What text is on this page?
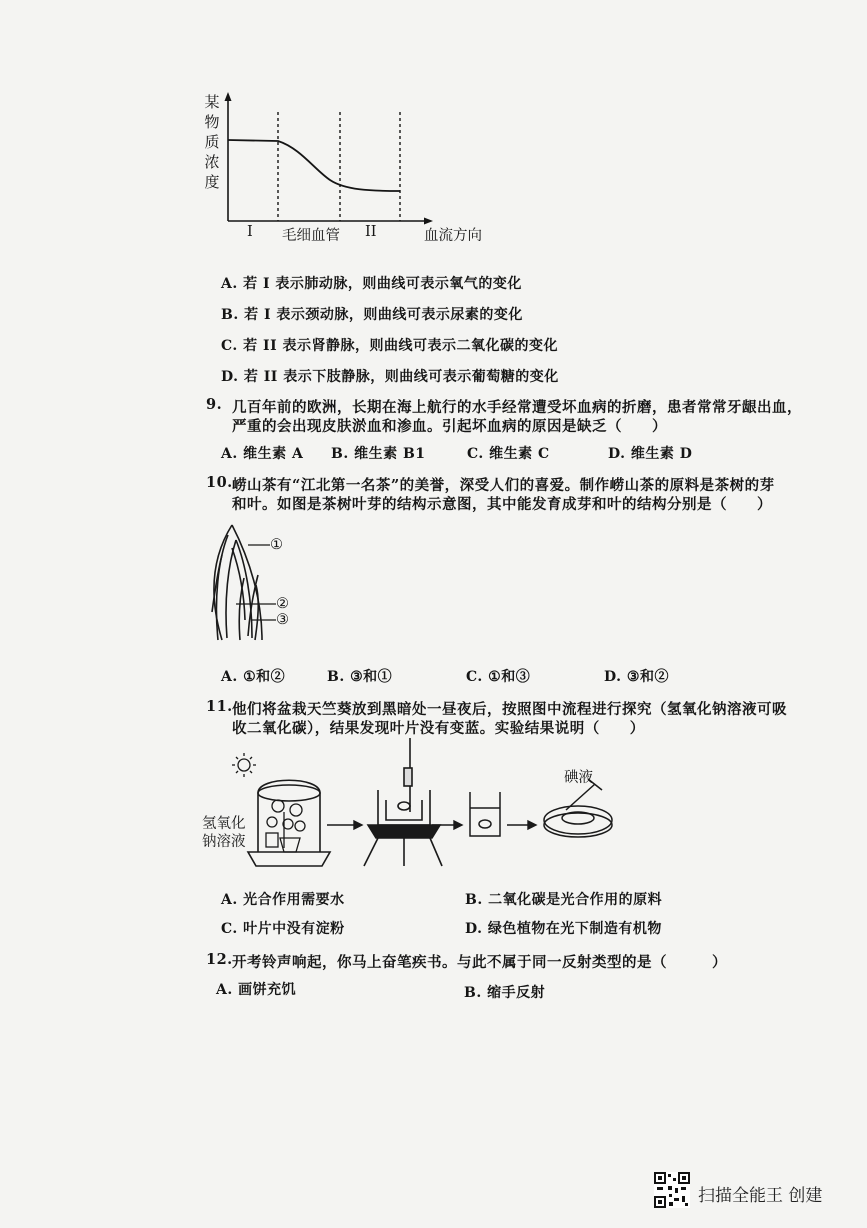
某物质浓度
I 毛细血管 II	血流方向
A. 若 I 表示肺动脉，则曲线可表示氧气的变化
B. 若 I 表示颈动脉，则曲线可表示尿素的变化
C. 若 II 表示肾静脉，则曲线可表示二氧化碳的变化
D. 若 II 表示下肢静脉，则曲线可表示葡萄糖的变化
9. 几百年前的欧洲，长期在海上航行的水手经常遭受坏血病的折磨，患者常常牙龈出血，
严重的会出现皮肤淤血和渗血。引起坏血病的原因是缺乏（　　）
A. 维生素 A B. 维生素 B1	C. 维生素 C	D. 维生素 D
10. 崂山茶有“江北第一名茶”的美誉，深受人们的喜爱。制作崂山茶的原料是茶树的芽
和叶。如图是茶树叶芽的结构示意图，其中能发育成芽和叶的结构分别是（　　）
①
②
③
A. ①和②	B. ③和①	C. ①和③	D. ③和②
11. 他们将盆栽天竺葵放到黑暗处一昼夜后，按照图中流程进行探究（氢氧化钠溶液可吸
收二氧化碳），结果发现叶片没有变蓝。实验结果说明（　　）
氢氧化
钠溶液
碘液
A. 光合作用需要水	B. 二氧化碳是光合作用的原料
C. 叶片中没有淀粉	D. 绿色植物在光下制造有机物
12. 开考铃声响起，你马上奋笔疾书。与此不属于同一反射类型的是（　　　）
A. 画饼充饥	B. 缩手反射
扫描全能王 创建
